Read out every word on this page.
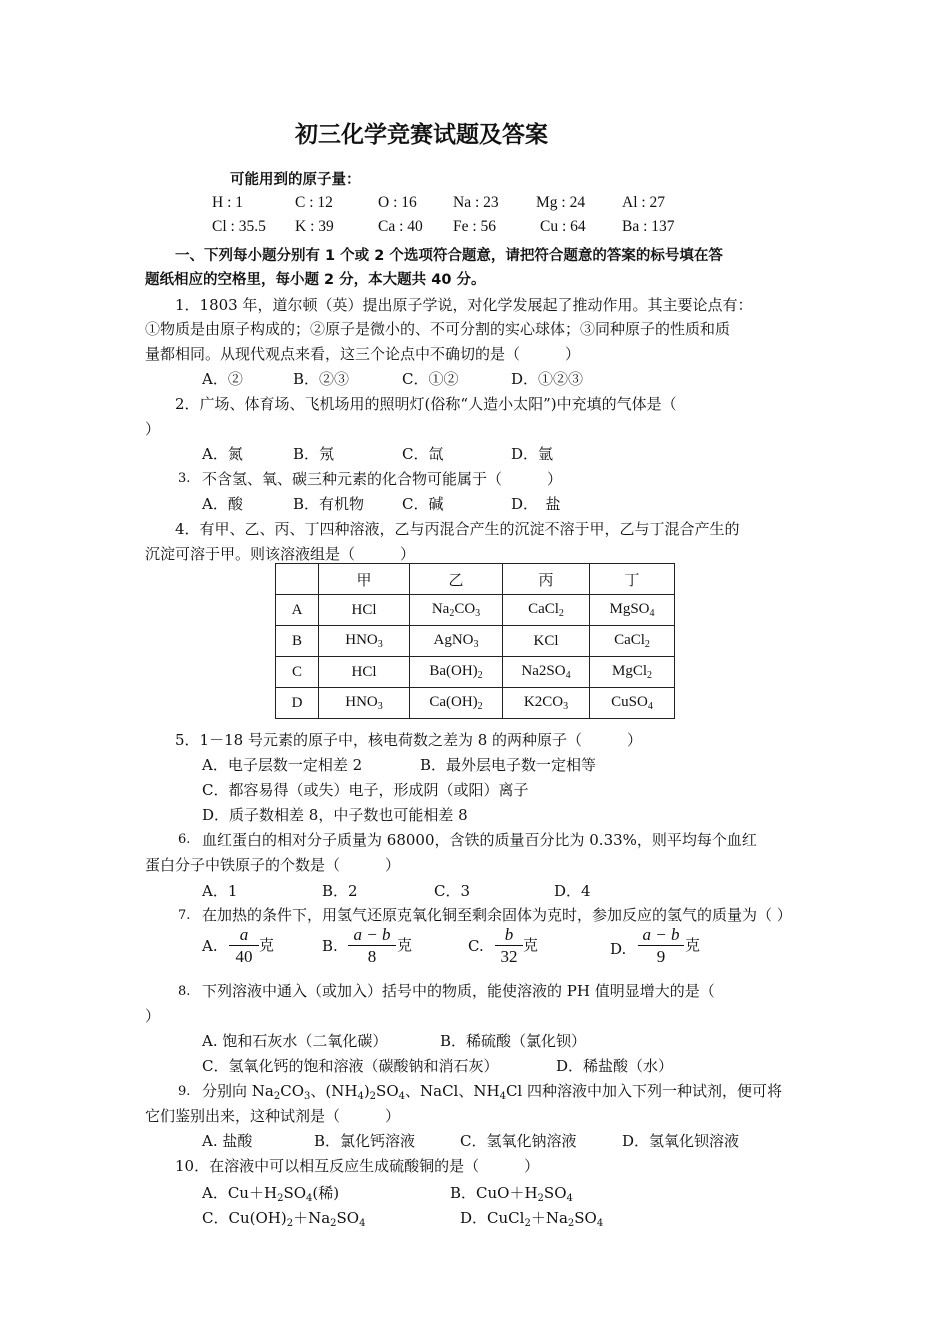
初三化学竞赛试题及答案
可能用到的原子量：
H : 1	C : 12	O : 16 Na : 23 Mg : 24 Al : 27
Cl : 35.5 K : 39	Ca : 40 Fe : 56	Cu : 64 Ba : 137
一、下列每小题分别有 1 个或 2 个选项符合题意，请把符合题意的答案的标号填在答
题纸相应的空格里，每小题 2 分，本大题共 40 分。
1．1803 年，道尔顿（英）提出原子学说，对化学发展起了推动作用。其主要论点有：
①物质是由原子构成的；②原子是微小的、不可分割的实心球体；③同种原子的性质和质
量都相同。从现代观点来看，这三个论点中不确切的是（　　　）
A．②	B．②③	C．①②	D．①②③
2．广场、体育场、飞机场用的照明灯(俗称“人造小太阳”)中充填的气体是（
）
A．氮	B．氖	C．氙	D．氩
3. 不含氢、氧、碳三种元素的化合物可能属于（　　　）
A．酸	B．有机物	C．碱	D．　盐
4．有甲、乙、丙、丁四种溶液，乙与丙混合产生的沉淀不溶于甲，乙与丁混合产生的
沉淀可溶于甲。则该溶液组是（　　　）
	甲	乙	丙	丁
A	HCl	$Na_2CO_3$	CaCl$_2$	MgSO$_4$
B	$HNO_3$	AgNO$_3$	KCl	CaCl$_2$
C	HCl	$Ba(OH)_2$	$Na2SO_4$	MgCl$_2$
D	$HNO_3$	$Ca(OH)_2$	$K2CO_3$	CuSO$_4$
5．1－18 号元素的原子中，核电荷数之差为 8 的两种原子（　　　）
A．电子层数一定相差 2	B．最外层电子数一定相等
C．都容易得（或失）电子，形成阴（或阳）离子
D．质子数相差 8，中子数也可能相差 8
6. 血红蛋白的相对分子质量为 68000，含铁的质量百分比为 0.33%，则平均每个血红
蛋白分子中铁原子的个数是（　　　）
A．1	B．2	C．3	D．4
7. 在加热的条件下，用氢气还原克氧化铜至剩余固体为克时，参加反应的氢气的质量为（ ）
A.
a
40
克	B.
a − b
8
克	C.
b
32
克	D.
a − b
9
克
8. 下列溶液中通入（或加入）括号中的物质，能使溶液的 PH 值明显增大的是（
）
A. 饱和石灰水（二氧化碳）	B．稀硫酸（氯化钡）
C．氢氧化钙的饱和溶液（碳酸钠和消石灰）	D．稀盐酸（水）
9. 分别向 $Na_2CO_3$、$(NH_4)_2SO_4$、NaCl、$NH_4Cl$ 四种溶液中加入下列一种试剂，便可将
它们鉴别出来，这种试剂是（　　　）
A. 盐酸	B．氯化钙溶液	C．氢氧化钠溶液	D．氢氧化钡溶液
10．在溶液中可以相互反应生成硫酸铜的是（　　　）
A．$Cu+H_2SO_4$(稀)	B．$CuO+H_2SO_4$
C．$Cu(OH)_2+Na_2SO_4$	D．$CuCl_2+Na_2SO_4$
